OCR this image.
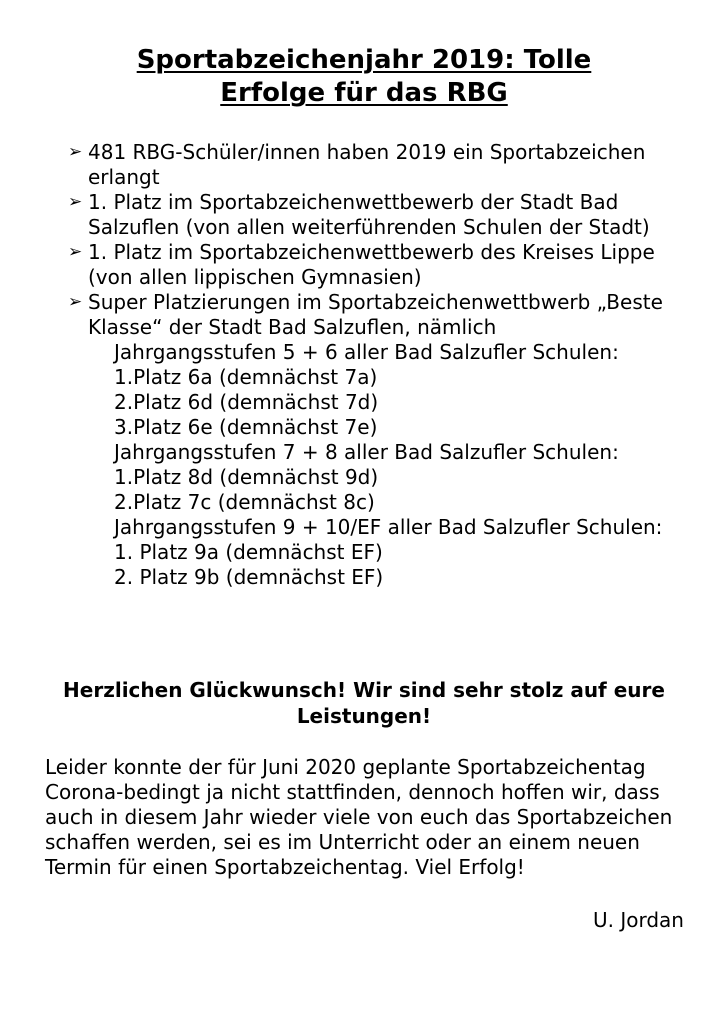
Sportabzeichenjahr 2019: Tolle
Erfolge für das RBG
➢ 481 RBG-Schüler/innen haben 2019 ein Sportabzeichen erlangt
➢ 1. Platz im Sportabzeichenwettbewerb der Stadt Bad Salzuflen (von allen weiterführenden Schulen der Stadt)
➢ 1. Platz im Sportabzeichenwettbewerb des Kreises Lippe (von allen lippischen Gymnasien)
➢ Super Platzierungen im Sportabzeichenwettbwerb „Beste Klasse“ der Stadt Bad Salzuflen, nämlich
Jahrgangsstufen 5 + 6 aller Bad Salzufler Schulen:
1.Platz 6a (demnächst 7a)
2.Platz 6d (demnächst 7d)
3.Platz 6e (demnächst 7e)
Jahrgangsstufen 7 + 8 aller Bad Salzufler Schulen:
1.Platz 8d (demnächst 9d)
2.Platz 7c (demnächst 8c)
Jahrgangsstufen 9 + 10/EF aller Bad Salzufler Schulen:
1. Platz 9a (demnächst EF)
2. Platz 9b (demnächst EF)

Herzlichen Glückwunsch! Wir sind sehr stolz auf eure Leistungen!

Leider konnte der für Juni 2020 geplante Sportabzeichentag Corona-bedingt ja nicht stattfinden, dennoch hoffen wir, dass auch in diesem Jahr wieder viele von euch das Sportabzeichen schaffen werden, sei es im Unterricht oder an einem neuen Termin für einen Sportabzeichentag. Viel Erfolg!

U. Jordan
